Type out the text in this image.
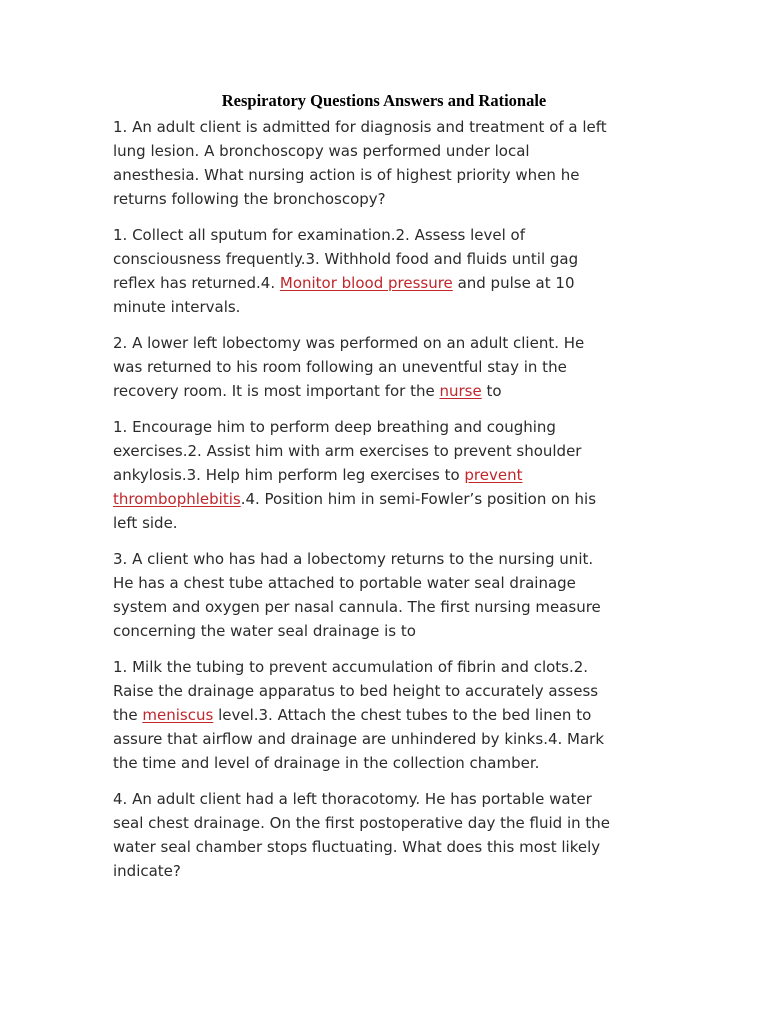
Respiratory Questions Answers and Rationale

1. An adult client is admitted for diagnosis and treatment of a left
lung lesion. A bronchoscopy was performed under local
anesthesia. What nursing action is of highest priority when he
returns following the bronchoscopy?

1. Collect all sputum for examination.2. Assess level of
consciousness frequently.3. Withhold food and fluids until gag
reflex has returned.4. Monitor blood pressure and pulse at 10
minute intervals.

2. A lower left lobectomy was performed on an adult client. He
was returned to his room following an uneventful stay in the
recovery room. It is most important for the nurse to

1. Encourage him to perform deep breathing and coughing
exercises.2. Assist him with arm exercises to prevent shoulder
ankylosis.3. Help him perform leg exercises to prevent
thrombophlebitis.4. Position him in semi-Fowler’s position on his
left side.

3. A client who has had a lobectomy returns to the nursing unit.
He has a chest tube attached to portable water seal drainage
system and oxygen per nasal cannula. The first nursing measure
concerning the water seal drainage is to

1. Milk the tubing to prevent accumulation of fibrin and clots.2.
Raise the drainage apparatus to bed height to accurately assess
the meniscus level.3. Attach the chest tubes to the bed linen to
assure that airflow and drainage are unhindered by kinks.4. Mark
the time and level of drainage in the collection chamber.

4. An adult client had a left thoracotomy. He has portable water
seal chest drainage. On the first postoperative day the fluid in the
water seal chamber stops fluctuating. What does this most likely
indicate?
